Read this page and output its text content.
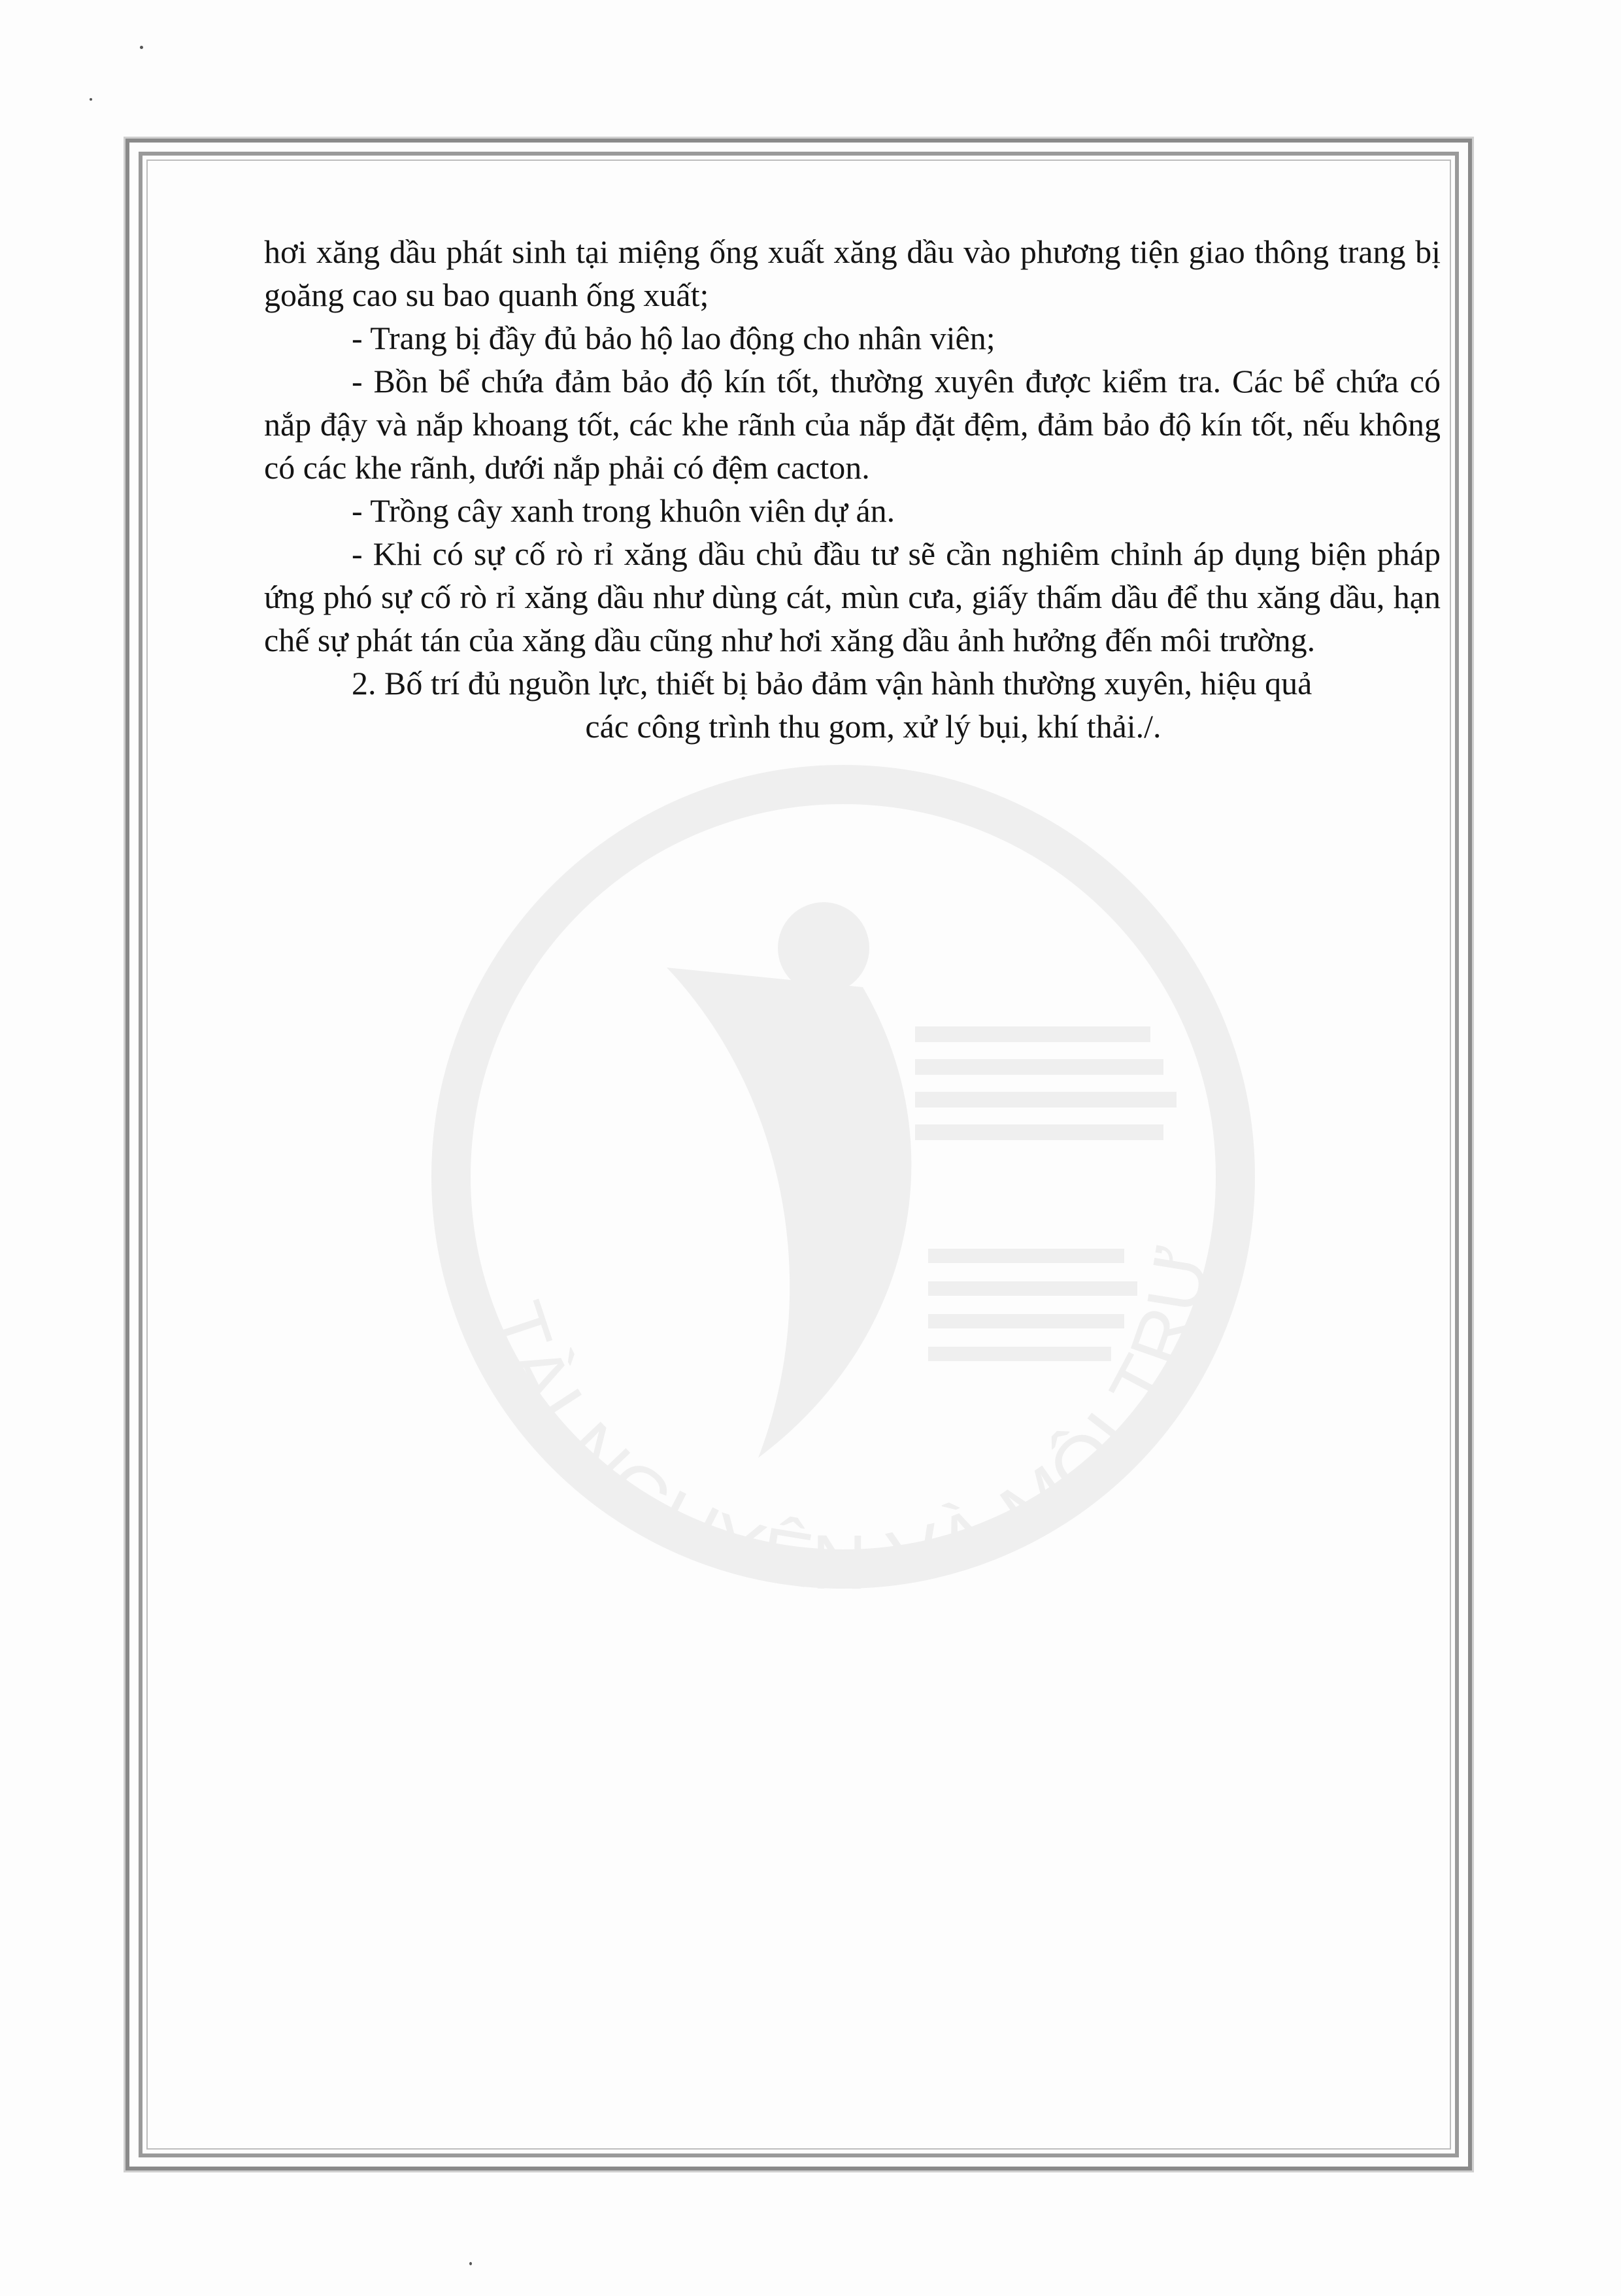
TÀI NGUYÊN VÀ MÔI TRƯ

hơi xăng dầu phát sinh tại miệng ống xuất xăng dầu vào phương tiện giao thông trang bị goăng cao su bao quanh ống xuất;

- Trang bị đầy đủ bảo hộ lao động cho nhân viên;

- Bồn bể chứa đảm bảo độ kín tốt, thường xuyên được kiểm tra. Các bể chứa có nắp đậy và nắp khoang tốt, các khe rãnh của nắp đặt đệm, đảm bảo độ kín tốt, nếu không có các khe rãnh, dưới nắp phải có đệm cacton.

- Trồng cây xanh trong khuôn viên dự án.

- Khi có sự cố rò rỉ xăng dầu chủ đầu tư sẽ cần nghiêm chỉnh áp dụng biện pháp ứng phó sự cố rò rỉ xăng dầu như dùng cát, mùn cưa, giấy thấm dầu để thu xăng dầu, hạn chế sự phát tán của xăng dầu cũng như hơi xăng dầu ảnh hưởng đến môi trường.

2. Bố trí đủ nguồn lực, thiết bị bảo đảm vận hành thường xuyên, hiệu quả

các công trình thu gom, xử lý bụi, khí thải./.
